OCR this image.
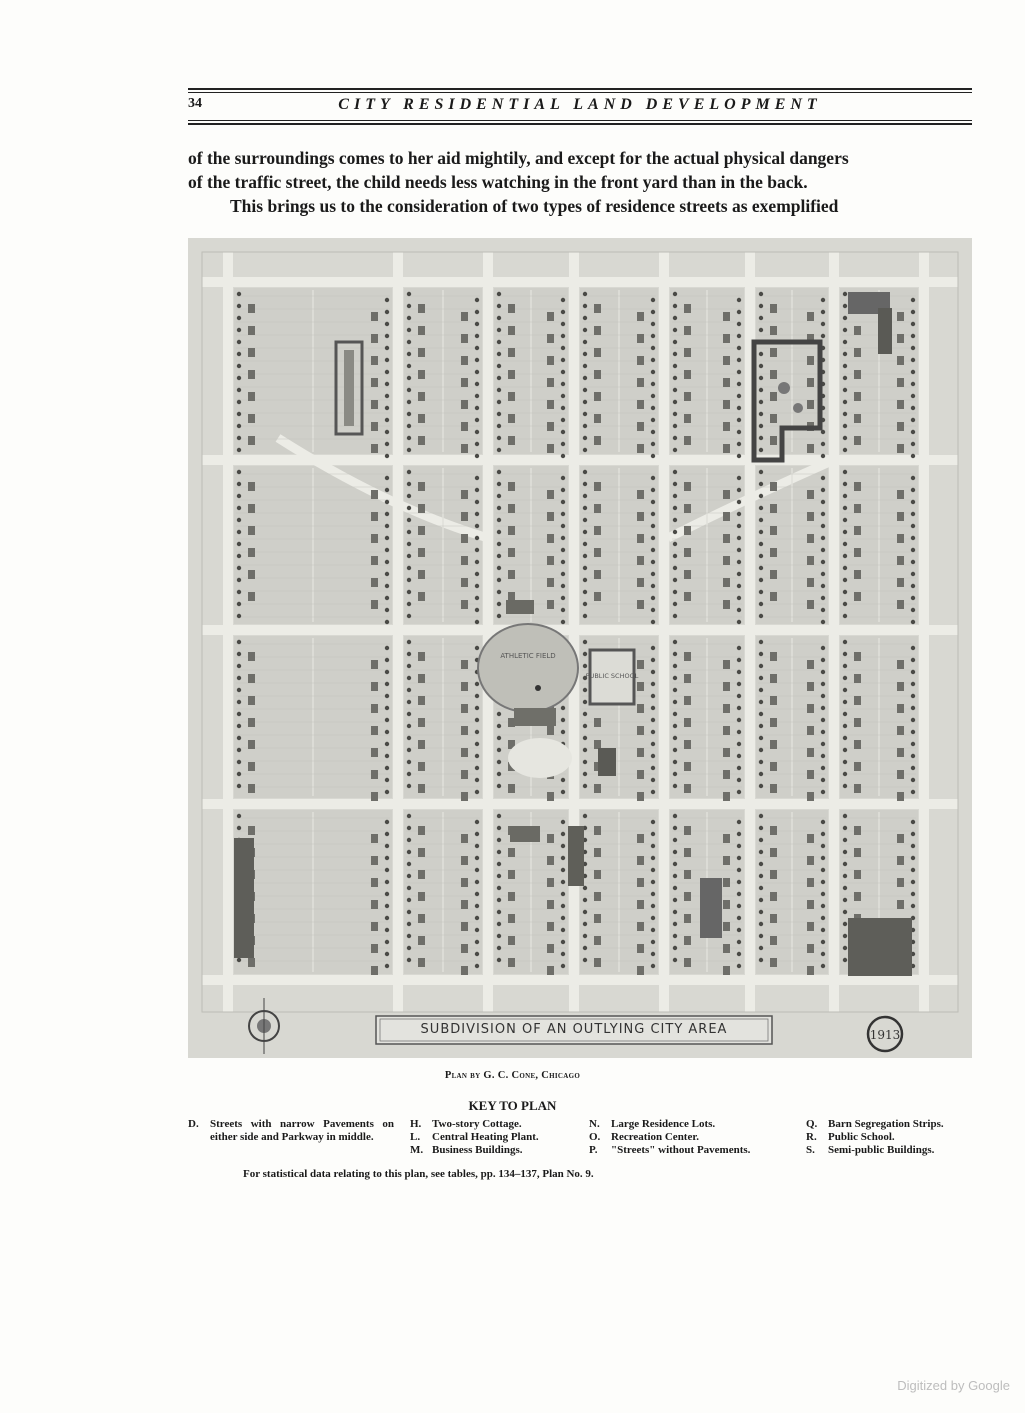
34	CITY RESIDENTIAL LAND DEVELOPMENT

of the surroundings comes to her aid mightily, and except for the actual physical dangers

of the traffic street, the child needs less watching in the front yard than in the back.

This brings us to the consideration of two types of residence streets as exemplified

ATHLETIC FIELD
PUBLIC SCHOOL
SUBDIVISION OF AN OUTLYING CITY AREA	1913
Plan by G. C. Cone, Chicago
KEY TO PLAN
D.	Streets with narrow Pavements on either side and Parkway in middle.
H. Two-story Cottage.
L.	Central Heating Plant.
M. Business Buildings.
N.	Large Residence Lots.
O. Recreation Center.
P.	"Streets" without Pavements.
Q. Barn Segregation Strips.
R.	Public School.
S.	Semi-public Buildings.
For statistical data relating to this plan, see tables, pp. 134–137, Plan No. 9.
Digitized by Google
